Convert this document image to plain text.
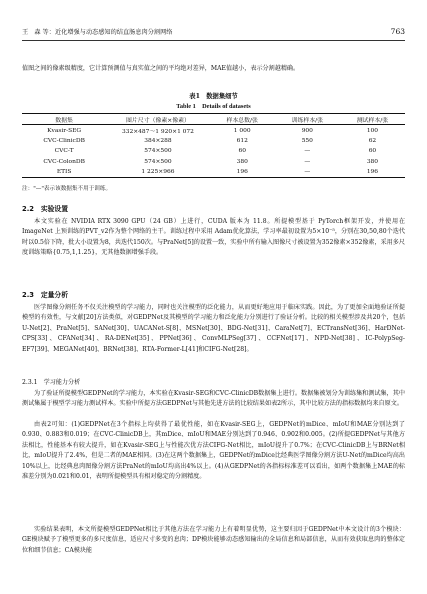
王　森 等：近化增强与动态感知的结直肠息肉分割网络	763

值图之间的像素级精度，它计算预测值与真实值之间的平均绝对差异，MAE值越小，表示分割越精确。

表1　数据集细节

Table 1　Details of datasets

数据集	图片尺寸（像素×像素）	样本总数/张	训练样本/张	测试样本/张
Kvasir-SEG	332×487～1 920×1 072	1 000	900	100
CVC-ClinicDB	384×288	612	550	62
CVC-T	574×500	60	—	60
CVC-ColonDB	574×500	380	—	380
ETIS	1 225×966	196	—	196

注："—"表示该数据集不用于训练。

2.2　实验设置

本文实验在 NVIDIA RTX 3090 GPU（24 GB）上进行，CUDA 版本为 11.8。所提模型基于 PyTorch框架开发，并使用在 ImageNet 上预训练的PVT_v2作为整个网络的主干。训练过程中采用 Adam优化算法，学习率最初设置为5×10⁻⁵，分别在30,50,80个迭代时以0.5倍下降，批大小设置为8，共迭代150次。与PraNet[5]的设置一致，实验中所有输入图像尺寸被设置为352像素×352像素，采用多尺度训练策略{0.75,1,1.25}，无其他数据增强手段。

2.3　定量分析

医学图像分割任务不仅关注模型的学习能力，同时也关注模型的泛化能力，从而更好地应用于临床实践。因此，为了更加全面地验证所提模型的有效性，与文献[20]方法类似，对GEDPNet及其模型的学习能力和泛化能力分别进行了验证分析。比较的相关模型涉及共20个，包括U-Net[2]、PraNet[5]、SANet[30]、UACANet-S[8]、MSNet[30]、BDG-Net[31]、CaraNet[7]、ECTransNet[36]、HarDNet-CPS[33]、CFANet[34]、RA-DENet[35]、PPNet[36]、ConvMLPSeg[37]、CCFNet[17]、NPD-Net[38]、IC-PolypSeg-EF7[39]、MEGANet[40]、BRNet[38]、RTA-Former-L[41]和CIFG-Net[28]。

2.3.1　学习能力分析

为了验证所提模型GEDPNet的学习能力，本实验在Kvasir-SEG和CVC-ClinicDB数据集上进行。数据集被划分为训练集和测试集，其中测试集属于模型学习能力测试样本。实验中所提方法GEDPNet与其他先进方法的比较结果如表2所示，其中比较方法的指标数据均来自原文。

由表2可知：(1)GEDPNet在3个指标上均获得了最优性能，如在Kvasir-SEG上，GEDPNet的mDice、mIoU和MAE分别达到了0.930、0.883和0.019；在CVC-ClinicDB上，其mDice、mIoU和MAE分别达到了0.946、0.902和0.005。(2)所提GEDPNet与其他方法相比，性能基本有较大提升，如在Kvasir-SEG上与性能次优方法CIFG-Net相比，mIoU提升了0.7%；在CVC-ClinicDB上与BRNet相比，mIoU提升了2.4%，但是二者的MAE相同。(3)在这两个数据集上，GEDPNet的mDice比经典医学图像分割方法U-Net的mDice均高出10%以上，比经典息肉图像分割方法PraNet的mIoU均高出4%以上。(4)从GEDPNet的各指标标准差可以看出，如两个数据集上MAE的标准差分别为0.021和0.01，表明所提模型具有相对稳定的分割精度。

实验结果表明，本文所提模型GEDPNet相比于其他方法在学习能力上有着明显优势，这主要归因于GEDPNet中本文设计的3个模块：GE模块赋予了模型更多的多尺度信息，适应尺寸多变的息肉；DP模块能够动态感知输出的全局信息和局部信息，从而有效获取息肉的整体定位和细节信息；CA模块能
